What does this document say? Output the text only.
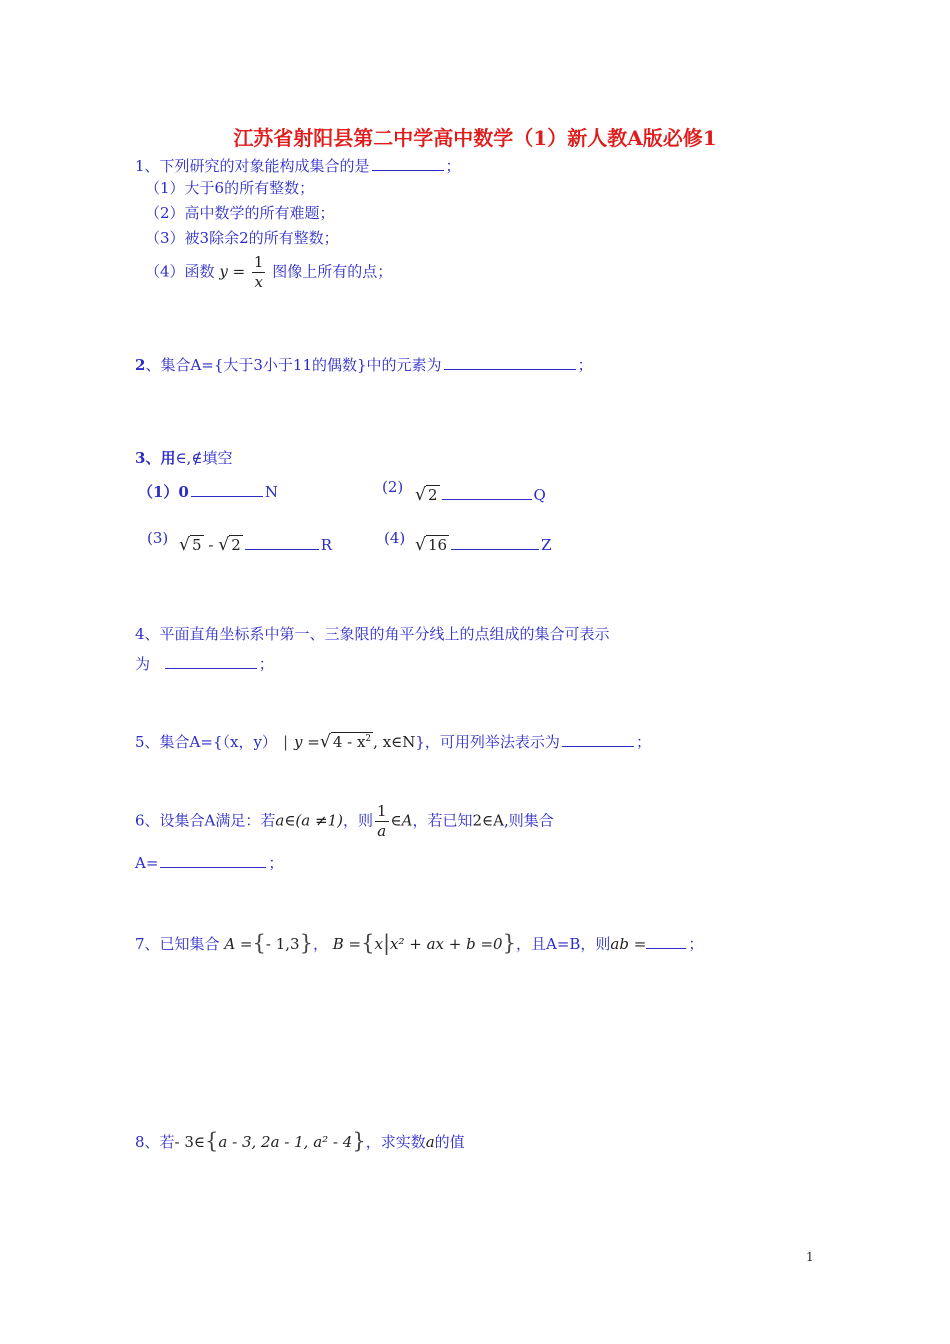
江苏省射阳县第二中学高中数学（1）新人教A版必修1
1、下列研究的对象能构成集合的是	；
（1）大于6的所有整数；
（2）高中数学的所有难题；
（3）被3除余2的所有整数；
（4）函数 $y = \frac{1}{x}$ 图像上所有的点；
2、集合A={大于3小于11的偶数}中的元素为	；
3、用∈,∉填空
（1）0	N	(2) √ 2	Q
(3) √ 5 - √ 2	R	(4) √ 16	Z
4、平面直角坐标系中第一、三象限的角平分线上的点组成的集合可表示
为	；
5、集合A={（x，y） | y =√ $4 - x^2$ , x∈N}，可用列举法表示为	；
6、设集合A满足：若a∈(a ≠1)，则 $\frac{1}{a}$ ∈A，若已知2∈A,则集合
A=	；
7、已知集合 A ={- 1,3}， B ={x|x² + ax + b =0}，且A=B，则ab =	；
8、若- 3∈{a - 3, 2a - 1, a² - 4}，求实数a的值
1
